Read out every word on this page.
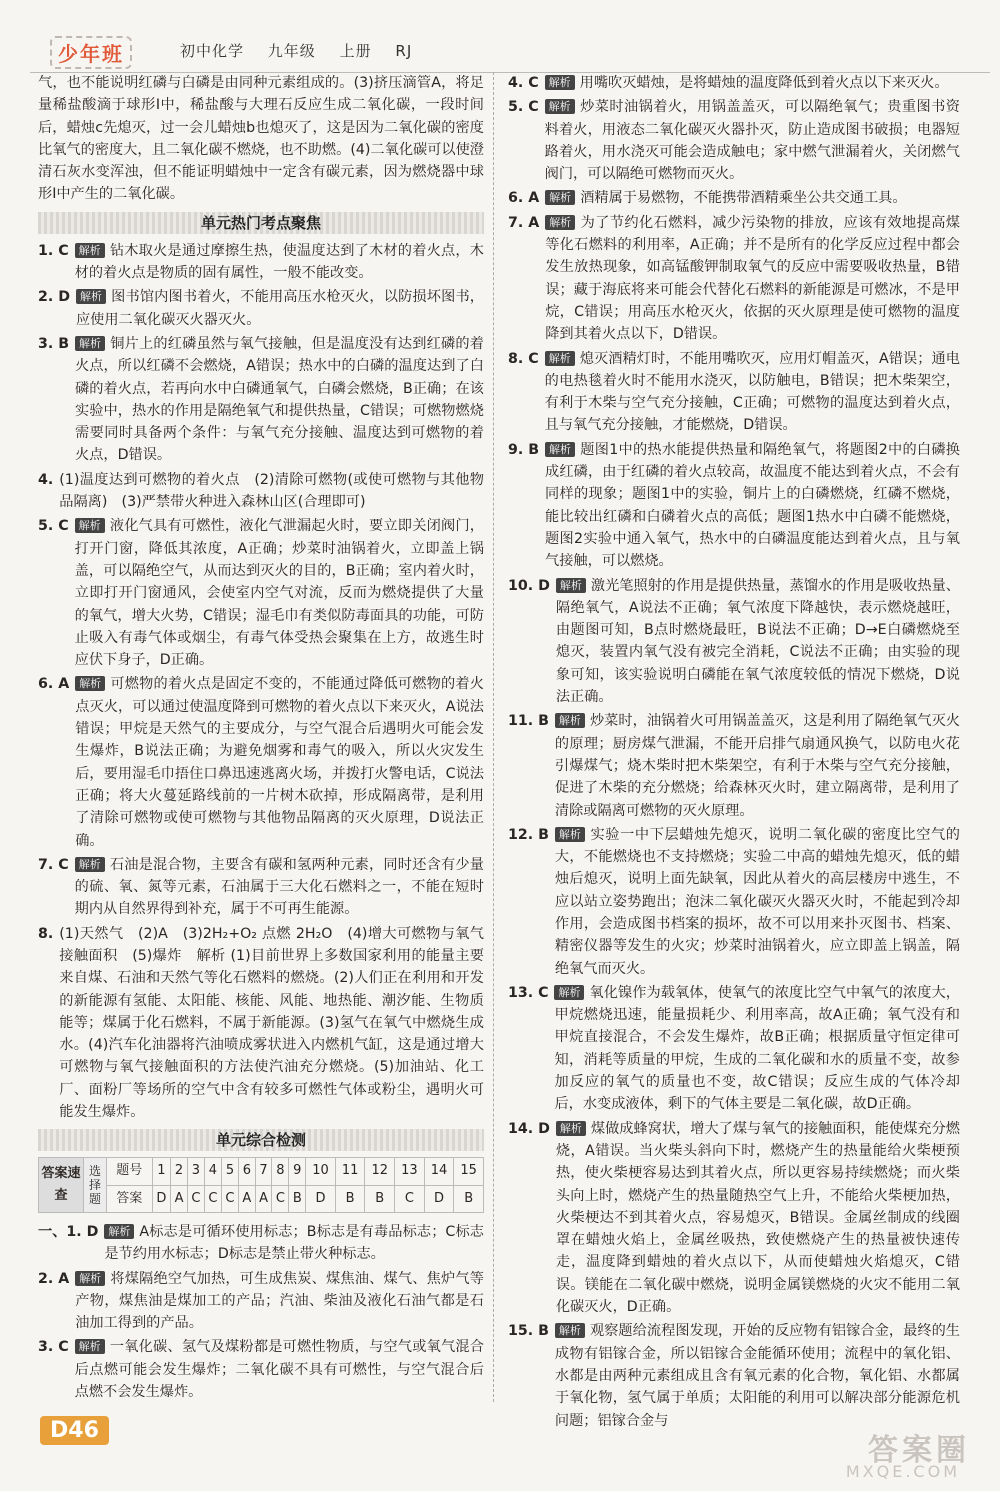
少年班	初中化学 九年级 上册 RJ
气，也不能说明红磷与白磷是由同种元素组成的。(3)挤压滴管A，将足量稀盐酸滴于球形Ⅰ中，稀盐酸与大理石反应生成二氧化碳，一段时间后，蜡烛c先熄灭，过一会儿蜡烛b也熄灭了，这是因为二氧化碳的密度比氧气的密度大，且二氧化碳不燃烧，也不助燃。(4)二氧化碳可以使澄清石灰水变浑浊，但不能证明蜡烛中一定含有碳元素，因为燃烧器中球形Ⅰ中产生的二氧化碳。
单元热门考点聚焦
1. C 解析 钻木取火是通过摩擦生热，使温度达到了木材的着火点，木材的着火点是物质的固有属性，一般不能改变。
2. D 解析 图书馆内图书着火，不能用高压水枪灭火，以防损坏图书，应使用二氧化碳灭火器灭火。
3. B 解析 铜片上的红磷虽然与氧气接触，但是温度没有达到红磷的着火点，所以红磷不会燃烧，A错误；热水中的白磷的温度达到了白磷的着火点，若再向水中白磷通氧气，白磷会燃烧，B正确；在该实验中，热水的作用是隔绝氧气和提供热量，C错误；可燃物燃烧需要同时具备两个条件：与氧气充分接触、温度达到可燃物的着火点，D错误。
4. (1)温度达到可燃物的着火点　(2)清除可燃物(或使可燃物与其他物品隔离)　(3)严禁带火种进入森林山区(合理即可)
5. C 解析 液化气具有可燃性，液化气泄漏起火时，要立即关闭阀门，打开门窗，降低其浓度，A正确；炒菜时油锅着火，立即盖上锅盖，可以隔绝空气，从而达到灭火的目的，B正确；室内着火时，立即打开门窗通风，会使室内空气对流，反而为燃烧提供了大量的氧气，增大火势，C错误；湿毛巾有类似防毒面具的功能，可防止吸入有毒气体或烟尘，有毒气体受热会聚集在上方，故逃生时应伏下身子，D正确。
6. A 解析 可燃物的着火点是固定不变的，不能通过降低可燃物的着火点灭火，可以通过使温度降到可燃物的着火点以下来灭火，A说法错误；甲烷是天然气的主要成分，与空气混合后遇明火可能会发生爆炸，B说法正确；为避免烟雾和毒气的吸入，所以火灾发生后，要用湿毛巾捂住口鼻迅速逃离火场，并拨打火警电话，C说法正确；将大火蔓延路线前的一片树木砍掉，形成隔离带，是利用了清除可燃物或使可燃物与其他物品隔离的灭火原理，D说法正确。
7. C 解析 石油是混合物，主要含有碳和氢两种元素，同时还含有少量的硫、氧、氮等元素，石油属于三大化石燃料之一，不能在短时期内从自然界得到补充，属于不可再生能源。
8. (1)天然气　(2)A　(3)2H₂+O₂ 点燃 2H₂O　(4)增大可燃物与氧气接触面积　(5)爆炸　解析 (1)目前世界上多数国家利用的能量主要来自煤、石油和天然气等化石燃料的燃烧。(2)人们正在利用和开发的新能源有氢能、太阳能、核能、风能、地热能、潮汐能、生物质能等；煤属于化石燃料，不属于新能源。(3)氢气在氧气中燃烧生成水。(4)汽车化油器将汽油喷成雾状进入内燃机气缸，这是通过增大可燃物与氧气接触面积的方法使汽油充分燃烧。(5)加油站、化工厂、面粉厂等场所的空气中含有较多可燃性气体或粉尘，遇明火可能发生爆炸。
单元综合检测
答案速查	选择题	题号	1	2	3	4	5	6	7	8	9	10	11	12	13	14	15
		答案	D	A	C	C	C	A	A	C	B	D	B	B	C	D	B
一、1. D 解析 A标志是可循环使用标志；B标志是有毒品标志；C标志是节约用水标志；D标志是禁止带火种标志。
2. A 解析 将煤隔绝空气加热，可生成焦炭、煤焦油、煤气、焦炉气等产物，煤焦油是煤加工的产品；汽油、柴油及液化石油气都是石油加工得到的产品。
3. C 解析 一氧化碳、氢气及煤粉都是可燃性物质，与空气或氧气混合后点燃可能会发生爆炸；二氧化碳不具有可燃性，与空气混合后点燃不会发生爆炸。
4. C 解析 用嘴吹灭蜡烛，是将蜡烛的温度降低到着火点以下来灭火。
5. C 解析 炒菜时油锅着火，用锅盖盖灭，可以隔绝氧气；贵重图书资料着火，用液态二氧化碳灭火器扑灭，防止造成图书破损；电器短路着火，用水浇灭可能会造成触电；家中燃气泄漏着火，关闭燃气阀门，可以隔绝可燃物而灭火。
6. A 解析 酒精属于易燃物，不能携带酒精乘坐公共交通工具。
7. A 解析 为了节约化石燃料，减少污染物的排放，应该有效地提高煤等化石燃料的利用率，A正确；并不是所有的化学反应过程中都会发生放热现象，如高锰酸钾制取氧气的反应中需要吸收热量，B错误；藏于海底将来可能会代替化石燃料的新能源是可燃冰，不是甲烷，C错误；用高压水枪灭火，依据的灭火原理是使可燃物的温度降到其着火点以下，D错误。
8. C 解析 熄灭酒精灯时，不能用嘴吹灭，应用灯帽盖灭，A错误；通电的电热毯着火时不能用水浇灭，以防触电，B错误；把木柴架空，有利于木柴与空气充分接触，C正确；可燃物的温度达到着火点，且与氧气充分接触，才能燃烧，D错误。
9. B 解析 题图1中的热水能提供热量和隔绝氧气，将题图2中的白磷换成红磷，由于红磷的着火点较高，故温度不能达到着火点，不会有同样的现象；题图1中的实验，铜片上的白磷燃烧，红磷不燃烧，能比较出红磷和白磷着火点的高低；题图1热水中白磷不能燃烧，题图2实验中通入氧气，热水中的白磷温度能达到着火点，且与氧气接触，可以燃烧。
10. D 解析 激光笔照射的作用是提供热量，蒸馏水的作用是吸收热量、隔绝氧气，A说法不正确；氧气浓度下降越快，表示燃烧越旺，由题图可知，B点时燃烧最旺，B说法不正确；D→E白磷燃烧至熄灭，装置内氧气没有被完全消耗，C说法不正确；由实验的现象可知，该实验说明白磷能在氧气浓度较低的情况下燃烧，D说法正确。
11. B 解析 炒菜时，油锅着火可用锅盖盖灭，这是利用了隔绝氧气灭火的原理；厨房煤气泄漏，不能开启排气扇通风换气，以防电火花引爆煤气；烧木柴时把木柴架空，有利于木柴与空气充分接触，促进了木柴的充分燃烧；给森林灭火时，建立隔离带，是利用了清除或隔离可燃物的灭火原理。
12. B 解析 实验一中下层蜡烛先熄灭，说明二氧化碳的密度比空气的大，不能燃烧也不支持燃烧；实验二中高的蜡烛先熄灭，低的蜡烛后熄灭，说明上面先缺氧，因此从着火的高层楼房中逃生，不应以站立姿势跑出；泡沫二氧化碳灭火器灭火时，不能起到冷却作用，会造成图书档案的损坏，故不可以用来扑灭图书、档案、精密仪器等发生的火灾；炒菜时油锅着火，应立即盖上锅盖，隔绝氧气而灭火。
13. C 解析 氧化镍作为载氧体，使氧气的浓度比空气中氧气的浓度大，甲烷燃烧迅速，能量损耗少、利用率高，故A正确；氧气没有和甲烷直接混合，不会发生爆炸，故B正确；根据质量守恒定律可知，消耗等质量的甲烷，生成的二氧化碳和水的质量不变，故参加反应的氧气的质量也不变，故C错误；反应生成的气体冷却后，水变成液体，剩下的气体主要是二氧化碳，故D正确。
14. D 解析 煤做成蜂窝状，增大了煤与氧气的接触面积，能使煤充分燃烧，A错误。当火柴头斜向下时，燃烧产生的热量能给火柴梗预热，使火柴梗容易达到其着火点，所以更容易持续燃烧；而火柴头向上时，燃烧产生的热量随热空气上升，不能给火柴梗加热，火柴梗达不到其着火点，容易熄灭，B错误。金属丝制成的线圈罩在蜡烛火焰上，金属丝吸热，致使燃烧产生的热量被快速传走，温度降到蜡烛的着火点以下，从而使蜡烛火焰熄灭，C错误。镁能在二氧化碳中燃烧，说明金属镁燃烧的火灾不能用二氧化碳灭火，D正确。
15. B 解析 观察题给流程图发现，开始的反应物有铝镓合金，最终的生成物有铝镓合金，所以铝镓合金能循环使用；流程中的氧化铝、水都是由两种元素组成且含有氧元素的化合物，氧化铝、水都属于氧化物，氢气属于单质；太阳能的利用可以解决部分能源危机问题；铝镓合金与
D46
答案圈
MXQE.COM
